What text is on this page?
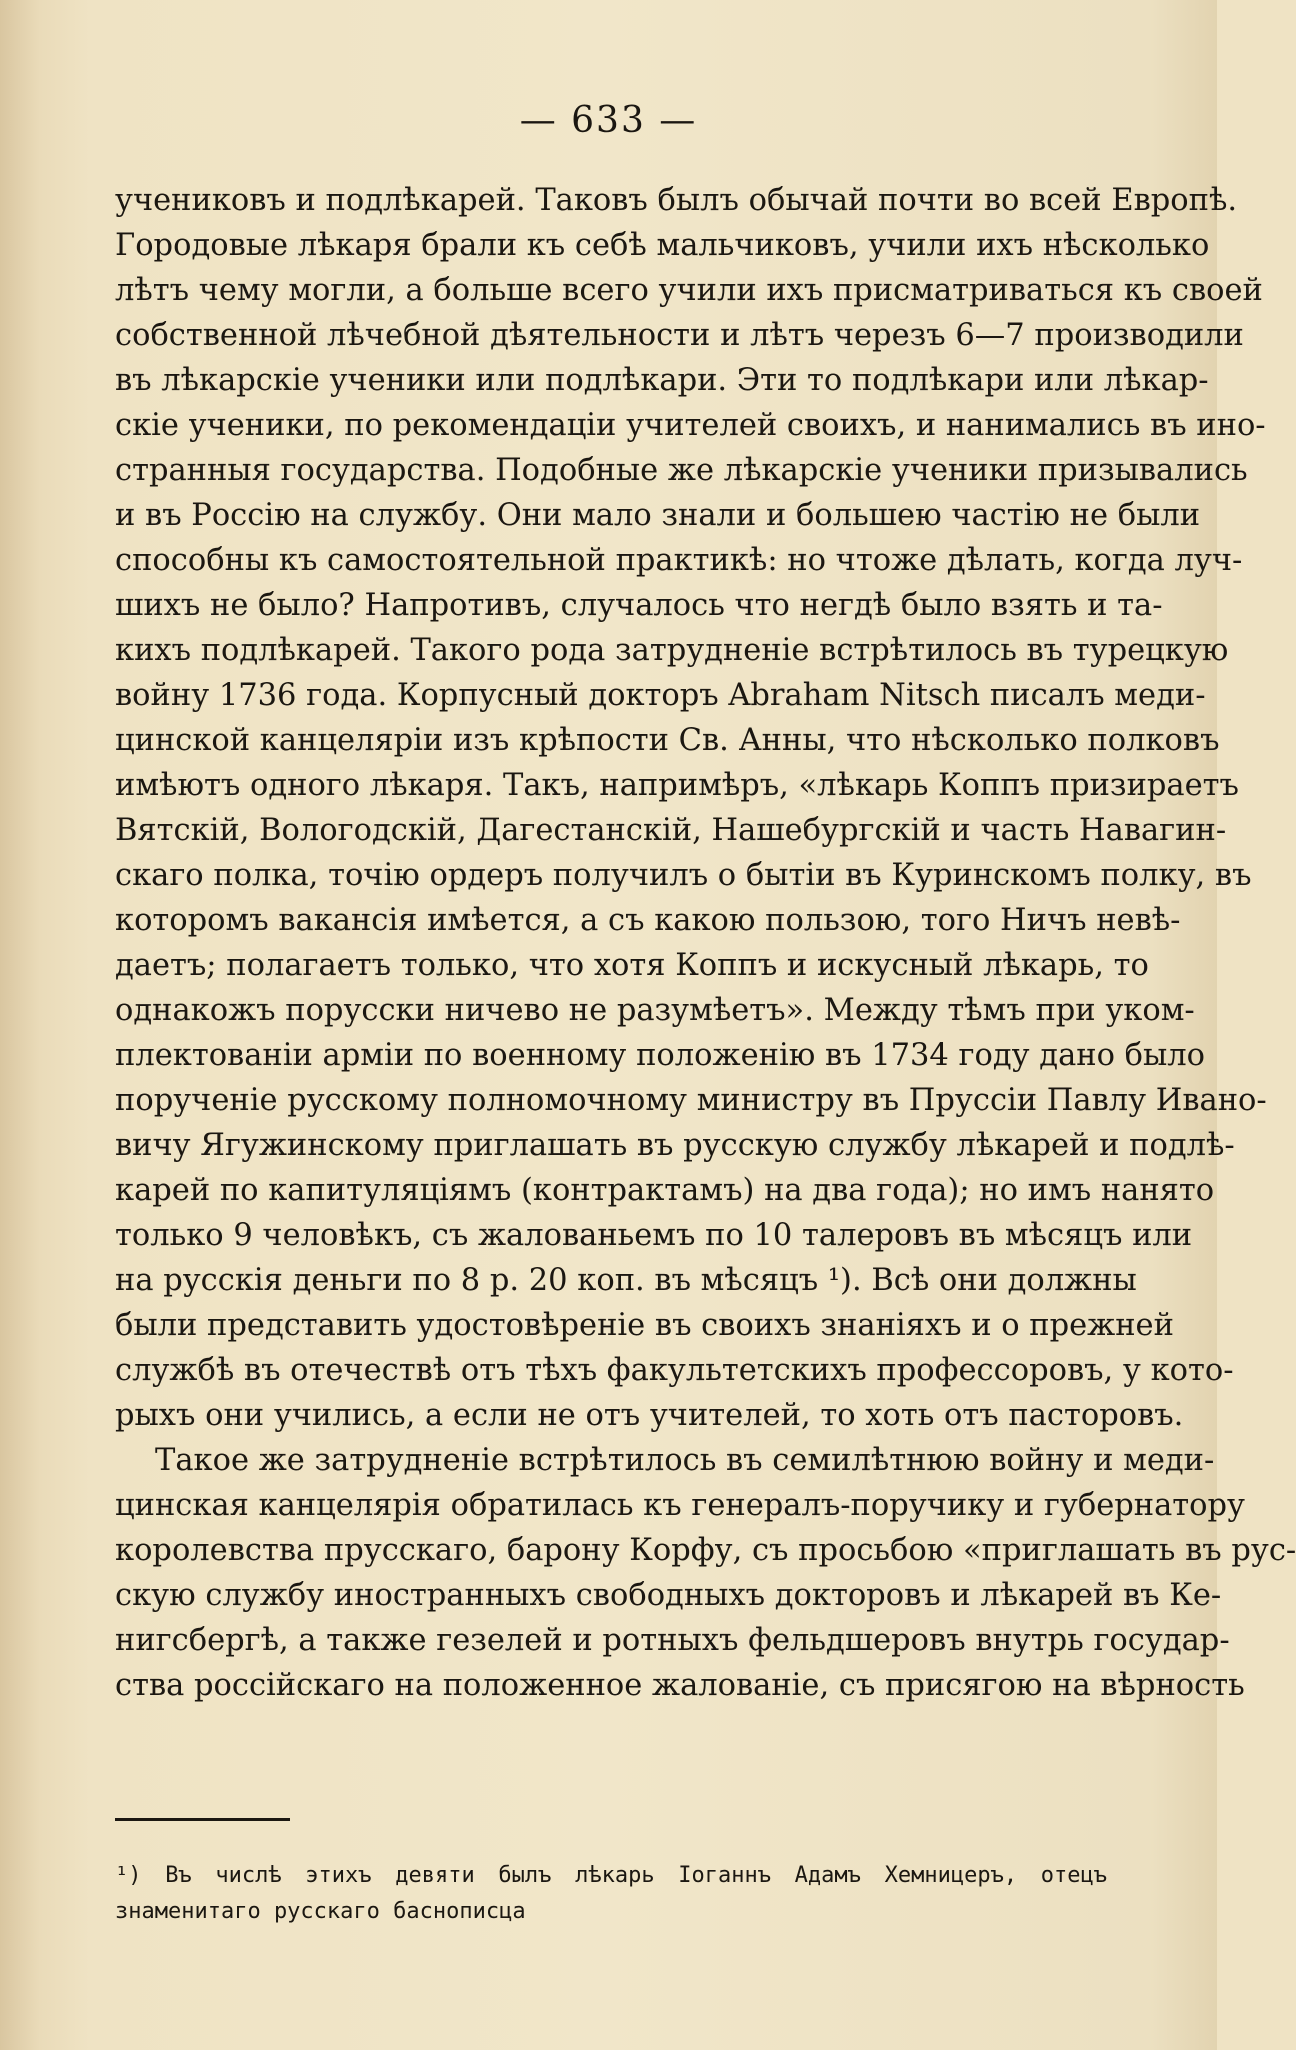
— 633 —
учениковъ и подлѣкарей. Таковъ былъ обычай почти во всей Европѣ.
Городовые лѣкаря брали къ себѣ мальчиковъ, учили ихъ нѣсколько
лѣтъ чему могли, а больше всего учили ихъ присматриваться къ своей
собственной лѣчебной дѣятельности и лѣтъ черезъ 6—7 производили
въ лѣкарскіе ученики или подлѣкари. Эти то подлѣкари или лѣкар-
скіе ученики, по рекомендаціи учителей своихъ, и нанимались въ ино-
странныя государства. Подобные же лѣкарскіе ученики призывались
и въ Россію на службу. Они мало знали и большею частію не были
способны къ самостоятельной практикѣ: но чтоже дѣлать, когда луч-
шихъ не было? Напротивъ, случалось что негдѣ было взять и та-
кихъ подлѣкарей. Такого рода затрудненіе встрѣтилось въ турецкую
войну 1736 года. Корпусный докторъ Abraham Nitsch писалъ меди-
цинской канцеляріи изъ крѣпости Св. Анны, что нѣсколько полковъ
имѣютъ одного лѣкаря. Такъ, напримѣръ, «лѣкарь Коппъ призираетъ
Вятскій, Вологодскій, Дагестанскій, Нашебургскій и часть Навагин-
скаго полка, точію ордеръ получилъ о бытіи въ Куринскомъ полку, въ
которомъ вакансія имѣется, а съ какою пользою, того Ничъ невѣ-
даетъ; полагаетъ только, что хотя Коппъ и искусный лѣкарь, то
однакожъ порусски ничево не разумѣетъ». Между тѣмъ при уком-
плектованіи арміи по военному положенію въ 1734 году дано было
порученіе русскому полномочному министру въ Пруссіи Павлу Ивано-
вичу Ягужинскому приглашать въ русскую службу лѣкарей и подлѣ-
карей по капитуляціямъ (контрактамъ) на два года); но имъ нанято
только 9 человѣкъ, съ жалованьемъ по 10 талеровъ въ мѣсяцъ или
на русскія деньги по 8 р. 20 коп. въ мѣсяцъ ¹). Всѣ они должны
были представить удостовѣреніе въ своихъ знаніяхъ и о прежней
службѣ въ отечествѣ отъ тѣхъ факультетскихъ профессоровъ, у кото-
рыхъ они учились, а если не отъ учителей, то хоть отъ пасторовъ.
Такое же затрудненіе встрѣтилось въ семилѣтнюю войну и меди-
цинская канцелярія обратилась къ генералъ-поручику и губернатору
королевства прусскаго, барону Корфу, съ просьбою «приглашать въ рус-
скую службу иностранныхъ свободныхъ докторовъ и лѣкарей въ Ке-
нигсбергѣ, а также гезелей и ротныхъ фельдшеровъ внутрь государ-
ства россійскаго на положенное жалованіе, съ присягою на вѣрность
¹) Въ числѣ этихъ девяти былъ лѣкарь Іоганнъ Адамъ Хемницеръ, отецъ
знаменитаго русскаго баснописца
